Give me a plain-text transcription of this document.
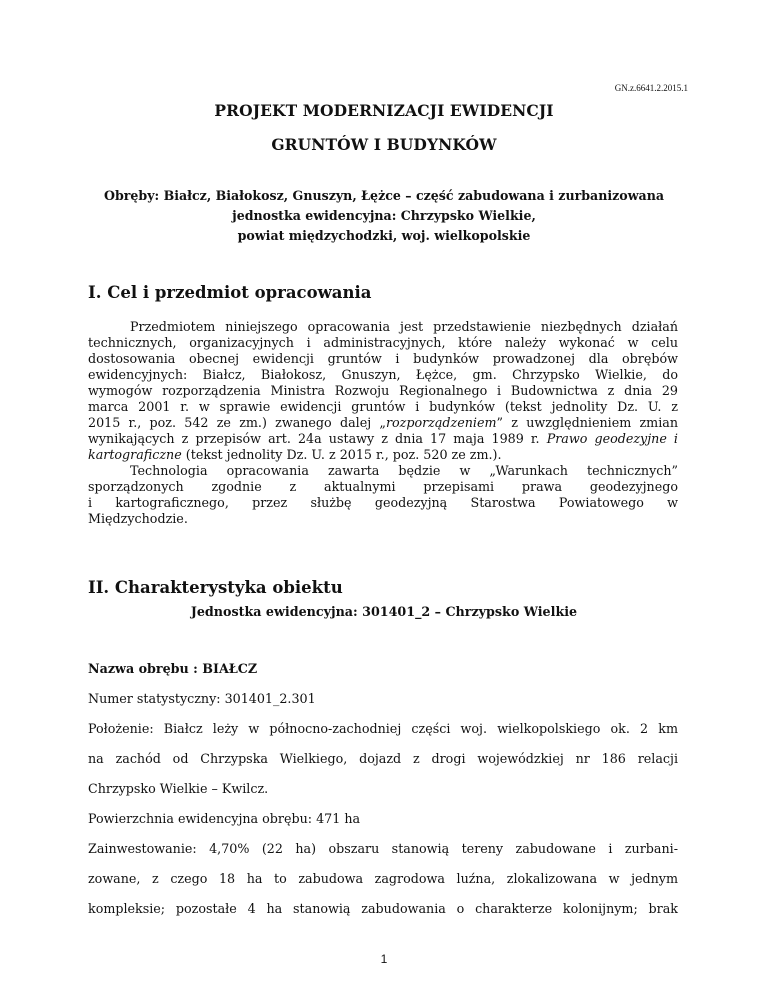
GN.z.6641.2.2015.1
PROJEKT MODERNIZACJI EWIDENCJI
GRUNTÓW I BUDYNKÓW
Obręby: Białcz, Białokosz, Gnuszyn, Łężce – część zabudowana i zurbanizowana
jednostka ewidencyjna: Chrzypsko Wielkie,
powiat międzychodzki, woj. wielkopolskie
I. Cel i przedmiot opracowania
Przedmiotem niniejszego opracowania jest przedstawienie niezbędnych działań
technicznych, organizacyjnych i administracyjnych, które należy wykonać w celu
dostosowania obecnej ewidencji gruntów i budynków prowadzonej dla obrębów
ewidencyjnych: Białcz, Białokosz, Gnuszyn, Łężce, gm. Chrzypsko Wielkie, do
wymogów rozporządzenia Ministra Rozwoju Regionalnego i Budownictwa z dnia 29
marca 2001 r. w sprawie ewidencji gruntów i budynków (tekst jednolity Dz. U. z
2015 r., poz. 542 ze zm.) zwanego dalej „rozporządzeniem” z uwzględnieniem zmian
wynikających z przepisów art. 24a ustawy z dnia 17 maja 1989 r. Prawo geodezyjne i
kartograficzne (tekst jednolity Dz. U. z 2015 r., poz. 520 ze zm.).
Technologia opracowania zawarta będzie w „Warunkach technicznych”
sporządzonych zgodnie z aktualnymi przepisami prawa geodezyjnego
i kartograficznego, przez służbę geodezyjną Starostwa Powiatowego w
Międzychodzie.
II. Charakterystyka obiektu
Jednostka ewidencyjna: 301401_2 – Chrzypsko Wielkie
Nazwa obrębu : BIAŁCZ
Numer statystyczny: 301401_2.301
Położenie: Białcz leży w północno-zachodniej części woj. wielkopolskiego ok. 2 km
na zachód od Chrzypska Wielkiego, dojazd z drogi wojewódzkiej nr 186 relacji
Chrzypsko Wielkie – Kwilcz.
Powierzchnia ewidencyjna obrębu: 471 ha
Zainwestowanie: 4,70% (22 ha) obszaru stanowią tereny zabudowane i zurbani-
zowane, z czego 18 ha to zabudowa zagrodowa luźna, zlokalizowana w jednym
kompleksie; pozostałe 4 ha stanowią zabudowania o charakterze kolonijnym; brak
1
